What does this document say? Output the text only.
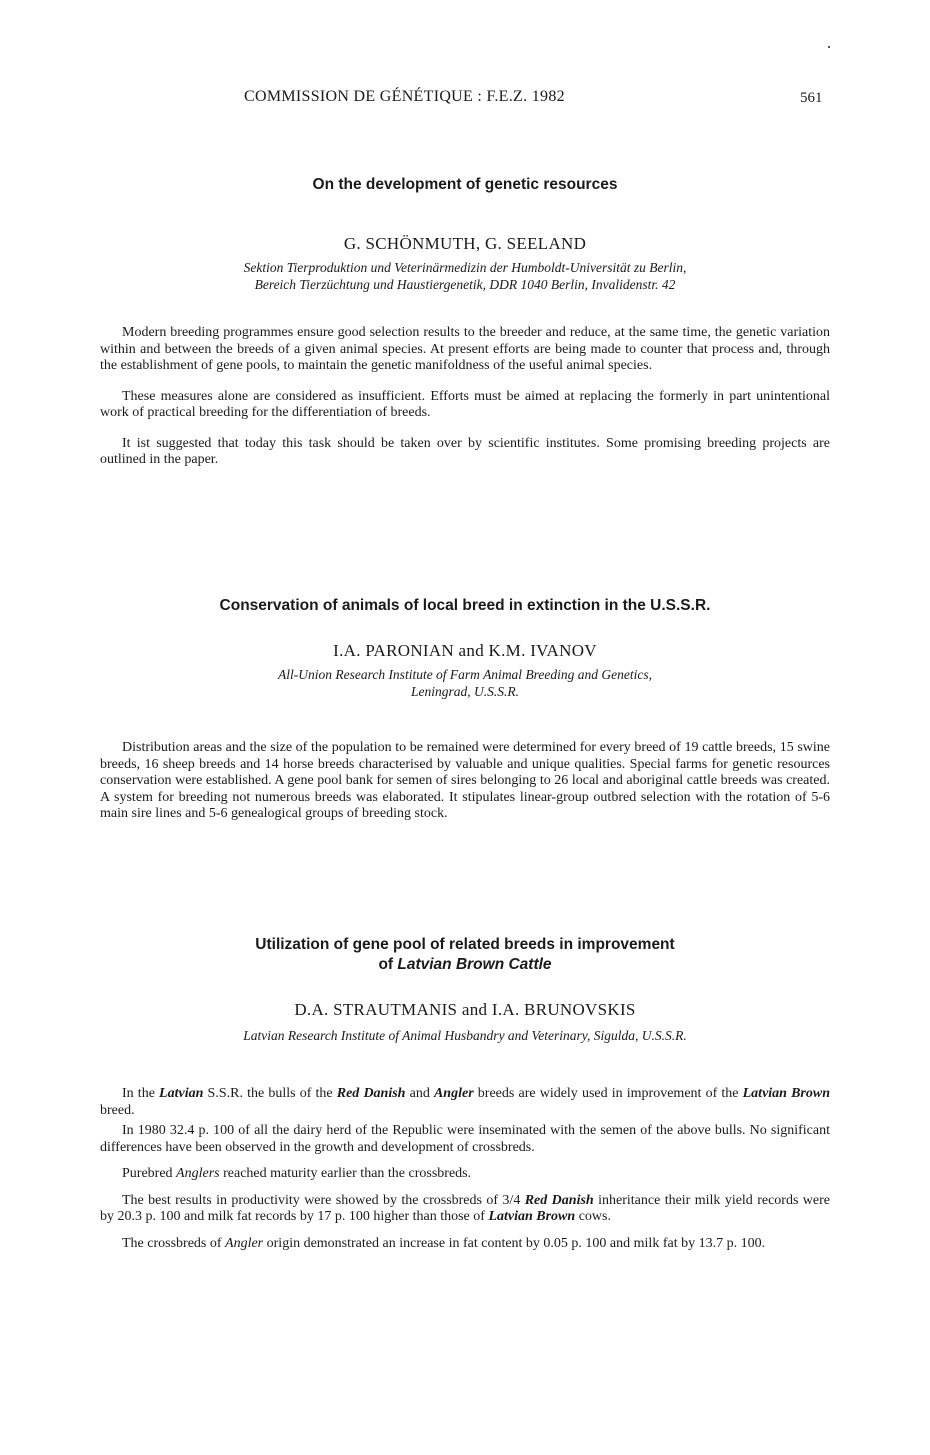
COMMISSION DE GÉNÉTIQUE : F.E.Z. 1982	561
On the development of genetic resources

G. SCHÖNMUTH, G. SEELAND

Sektion Tierproduktion und Veterinärmedizin der Humboldt-Universität zu Berlin,

Bereich Tierzüchtung und Haustiergenetik, DDR 1040 Berlin, Invalidenstr. 42

Modern breeding programmes ensure good selection results to the breeder and reduce, at the same time, the genetic variation within and between the breeds of a given animal species. At present efforts are being made to counter that process and, through the establishment of gene pools, to maintain the genetic manifoldness of the useful animal species.

These measures alone are considered as insufficient. Efforts must be aimed at replacing the formerly in part unintentional work of practical breeding for the differentiation of breeds.

It ist suggested that today this task should be taken over by scientific institutes. Some promising breeding projects are outlined in the paper.

Conservation of animals of local breed in extinction in the U.S.S.R.

I.A. PARONIAN and K.M. IVANOV

All-Union Research Institute of Farm Animal Breeding and Genetics,

Leningrad, U.S.S.R.

Distribution areas and the size of the population to be remained were determined for every breed of 19 cattle breeds, 15 swine breeds, 16 sheep breeds and 14 horse breeds characterised by valuable and unique qualities. Special farms for genetic resources conservation were established. A gene pool bank for semen of sires belonging to 26 local and aboriginal cattle breeds was created. A system for breeding not numerous breeds was elaborated. It stipulates linear-group outbred selection with the rotation of 5-6 main sire lines and 5-6 genealogical groups of breeding stock.

Utilization of gene pool of related breeds in improvement
of Latvian Brown Cattle

D.A. STRAUTMANIS and I.A. BRUNOVSKIS

Latvian Research Institute of Animal Husbandry and Veterinary, Sigulda, U.S.S.R.

In the Latvian S.S.R. the bulls of the Red Danish and Angler breeds are widely used in improvement of the Latvian Brown breed.

In 1980 32.4 p. 100 of all the dairy herd of the Republic were inseminated with the semen of the above bulls. No significant differences have been observed in the growth and development of crossbreds.

Purebred Anglers reached maturity earlier than the crossbreds.

The best results in productivity were showed by the crossbreds of 3/4 Red Danish inheritance their milk yield records were by 20.3 p. 100 and milk fat records by 17 p. 100 higher than those of Latvian Brown cows.

The crossbreds of Angler origin demonstrated an increase in fat content by 0.05 p. 100 and milk fat by 13.7 p. 100.
